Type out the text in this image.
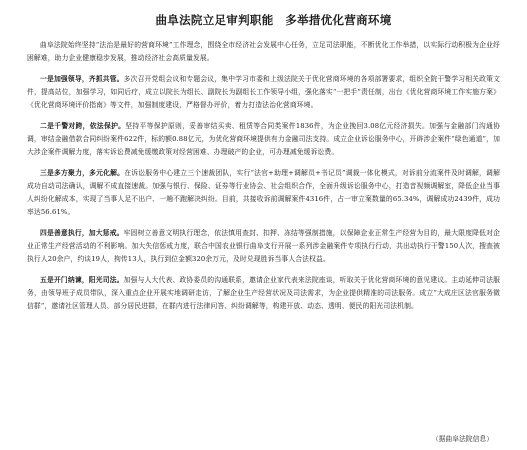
曲阜法院立足审判职能　多举措优化营商环境

曲阜法院始终坚持“法治是最好的营商环境”工作理念，围绕全市经济社会发展中心任务，立足司法职能，不断优化工作举措，以实际行动积极为企业纾困解难，助力企业健康稳步发展，推动经济社会高质量发展。

一是加强领导，齐抓共管。多次召开党组会议和专题会议，集中学习市委和上级法院关于优化营商环境的各项部署要求，组织全院干警学习相关政策文件，提高站位，加强学习，如同后疗，成立以院长为组长、副院长为副组长工作领导小组，强化落实“一把手”责任制，出台《优化营商环境工作实施方案》《优化营商环境评价指南》等文件，加强制度建设，严格督办评价，着力打造法治化营商环境。

二是千警对跨，依法保护。坚持平等保护原则，妥善审结买卖、租赁等合同类案件1836件，为企业挽回3.08亿元经济损失。加强与金融部门沟通协调，审结金融借款合同纠纷案件622件，标的额0.88亿元，为优化营商环境提供有力金融司法支持。成立企业诉讼服务中心，开辟涉企案件“绿色通道”，加大涉企案件调解力度，落实诉讼费减免缓缴政策对经营困难、办理破产的企业，可办理减免缓诉讼费。

三是多方聚力，多元化解。在诉讼服务中心建立三个速裁团队，实行“法官+助理+调解员+书记员”调裁一体化模式，对诉前分流案件及时调解，调解成功自动司法确认，调解不成直接速裁。加强与银行、保险、证券等行业协会、社会组织合作，全面升级诉讼服务中心，打造音视频调解室，降低企业当事人纠纷化解成本，实现了当事人足不出户、一趟不跑解决纠纷。目前，共接收诉前调解案件4316件，占一审立案数量的65.34%，调解成功2439件，成功率达56.61%。

四是善意执行，加大惩戒。牢固树立善意文明执行理念，依法慎用查封、扣押、冻结等强制措施，以保障企业正常生产经营为目的，最大限度降低对企业正常生产经营活动的不利影响。加大失信惩戒力度，联合中国农业银行曲阜支行开展一系列涉金融案件专项执行行动，共出动执行干警150人次，搜查被执行人20余户，约谈19人，拘传13人，执行到位金额320余万元，及时兑现胜诉当事人合法权益。

五是开门纳谏，阳光司法。加强与人大代表、政协委员的沟通联系，邀请企业家代表来法院座谈，听取关于优化营商环境的意见建议。主动延伸司法服务，由领导班子成员带队，深入重点企业开展实地调研走访，了解企业生产经营状况及司法需求，为企业提供精准的司法服务。成立“大成庄区法官服务微信群”，邀请社区管理人员、部分居民进群，在群内进行法律问答、纠纷调解等，构建开放、动态、透明、便民的阳光司法机制。

（据曲阜法院信息）
